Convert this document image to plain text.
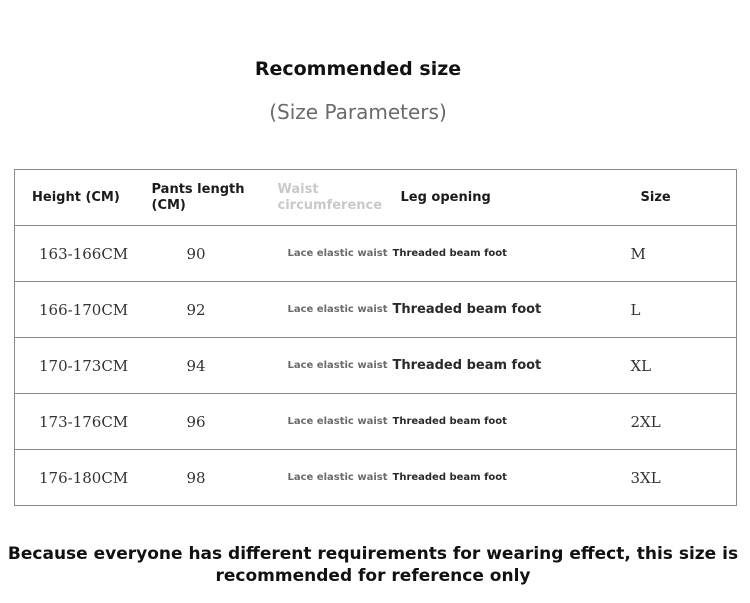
Recommended size
(Size Parameters)
Height (CM)	Pants length (CM)	Waist circumference	Leg opening	Size
163-166CM	90	Lace elastic waist	Threaded beam foot	M
166-170CM	92	Lace elastic waist	Threaded beam foot	L
170-173CM	94	Lace elastic waist	Threaded beam foot	XL
173-176CM	96	Lace elastic waist	Threaded beam foot	2XL
176-180CM	98	Lace elastic waist	Threaded beam foot	3XL
Because everyone has different requirements for wearing effect, this size is recommended for reference only
